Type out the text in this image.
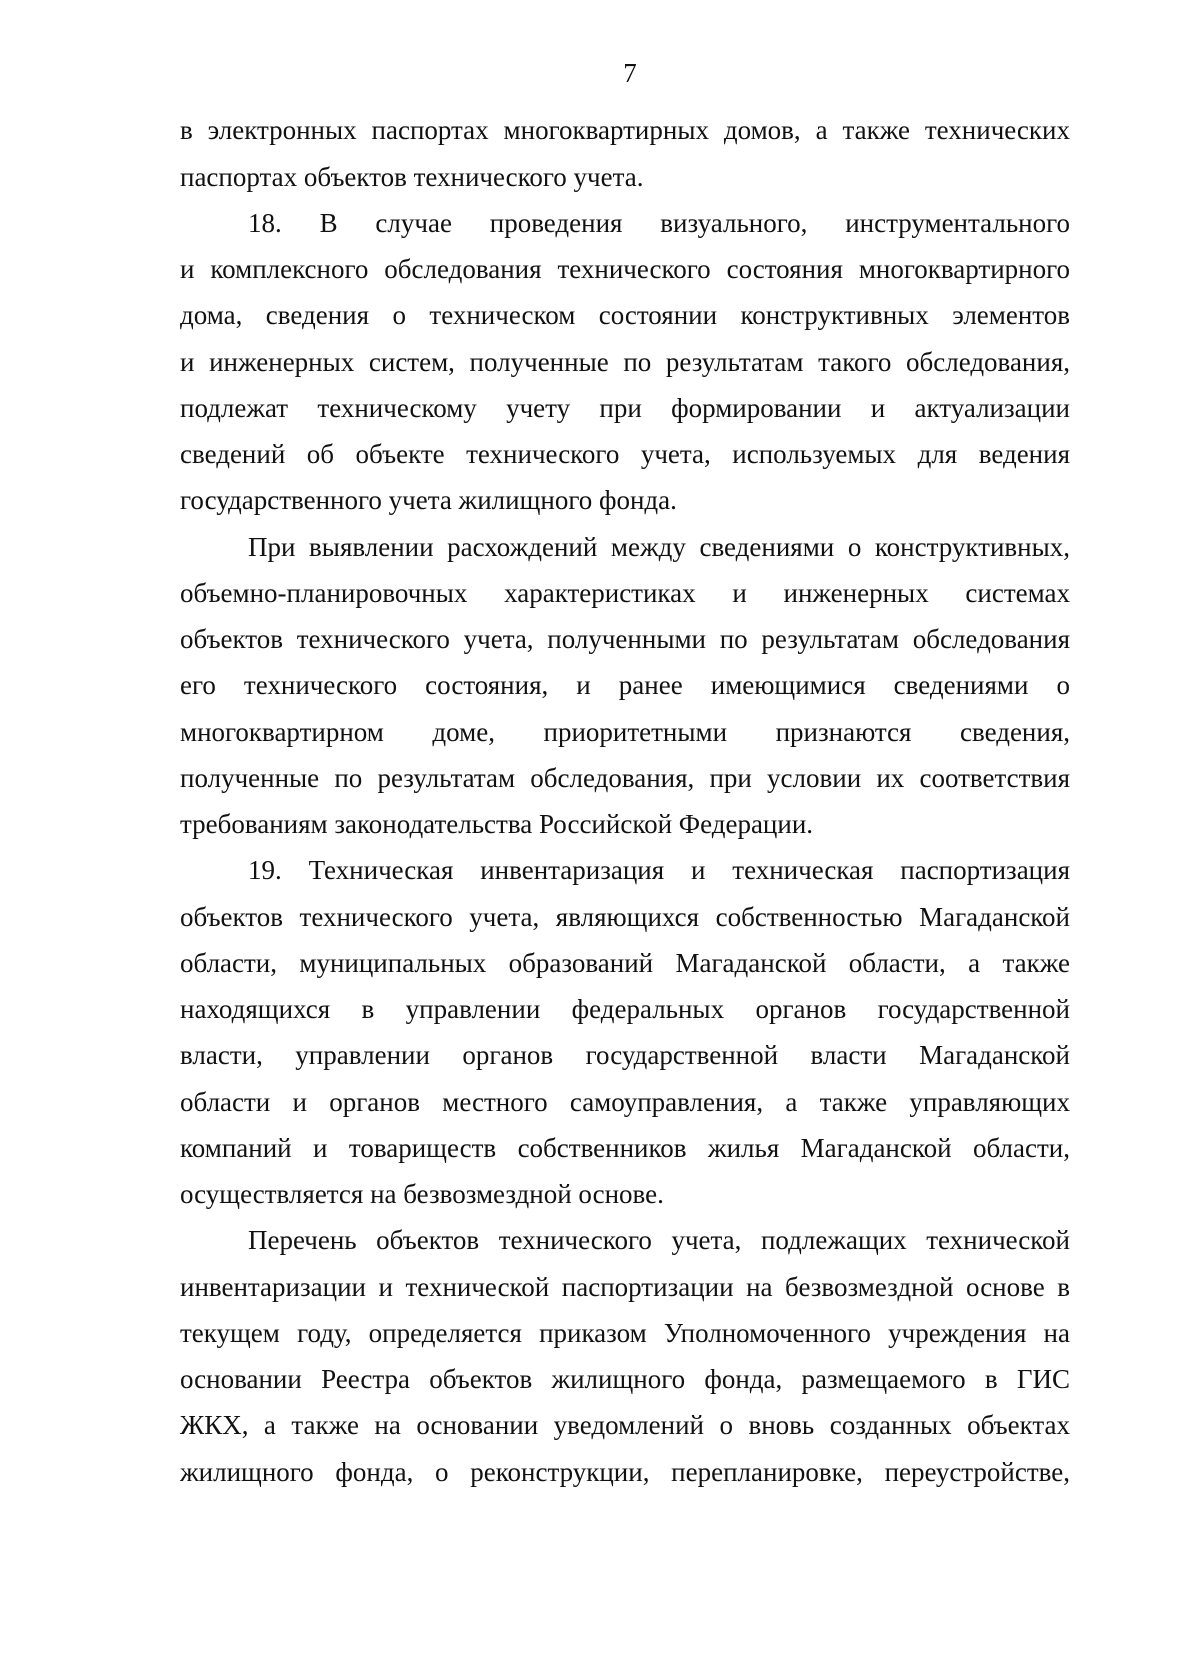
7
в электронных паспортах многоквартирных домов, а также технических
паспортах объектов технического учета.
18. В случае проведения визуального, инструментального
и комплексного обследования технического состояния многоквартирного
дома, сведения о техническом состоянии конструктивных элементов
и инженерных систем, полученные по результатам такого обследования,
подлежат техническому учету при формировании и актуализации
сведений об объекте технического учета, используемых для ведения
государственного учета жилищного фонда.
При выявлении расхождений между сведениями о конструктивных,
объемно-планировочных характеристиках и инженерных системах
объектов технического учета, полученными по результатам обследования
его технического состояния, и ранее имеющимися сведениями о
многоквартирном доме, приоритетными признаются сведения,
полученные по результатам обследования, при условии их соответствия
требованиям законодательства Российской Федерации.
19. Техническая инвентаризация и техническая паспортизация
объектов технического учета, являющихся собственностью Магаданской
области, муниципальных образований Магаданской области, а также
находящихся в управлении федеральных органов государственной
власти, управлении органов государственной власти Магаданской
области и органов местного самоуправления, а также управляющих
компаний и товариществ собственников жилья Магаданской области,
осуществляется на безвозмездной основе.
Перечень объектов технического учета, подлежащих технической
инвентаризации и технической паспортизации на безвозмездной основе в
текущем году, определяется приказом Уполномоченного учреждения на
основании Реестра объектов жилищного фонда, размещаемого в ГИС
ЖКХ, а также на основании уведомлений о вновь созданных объектах
жилищного фонда, о реконструкции, перепланировке, переустройстве,
